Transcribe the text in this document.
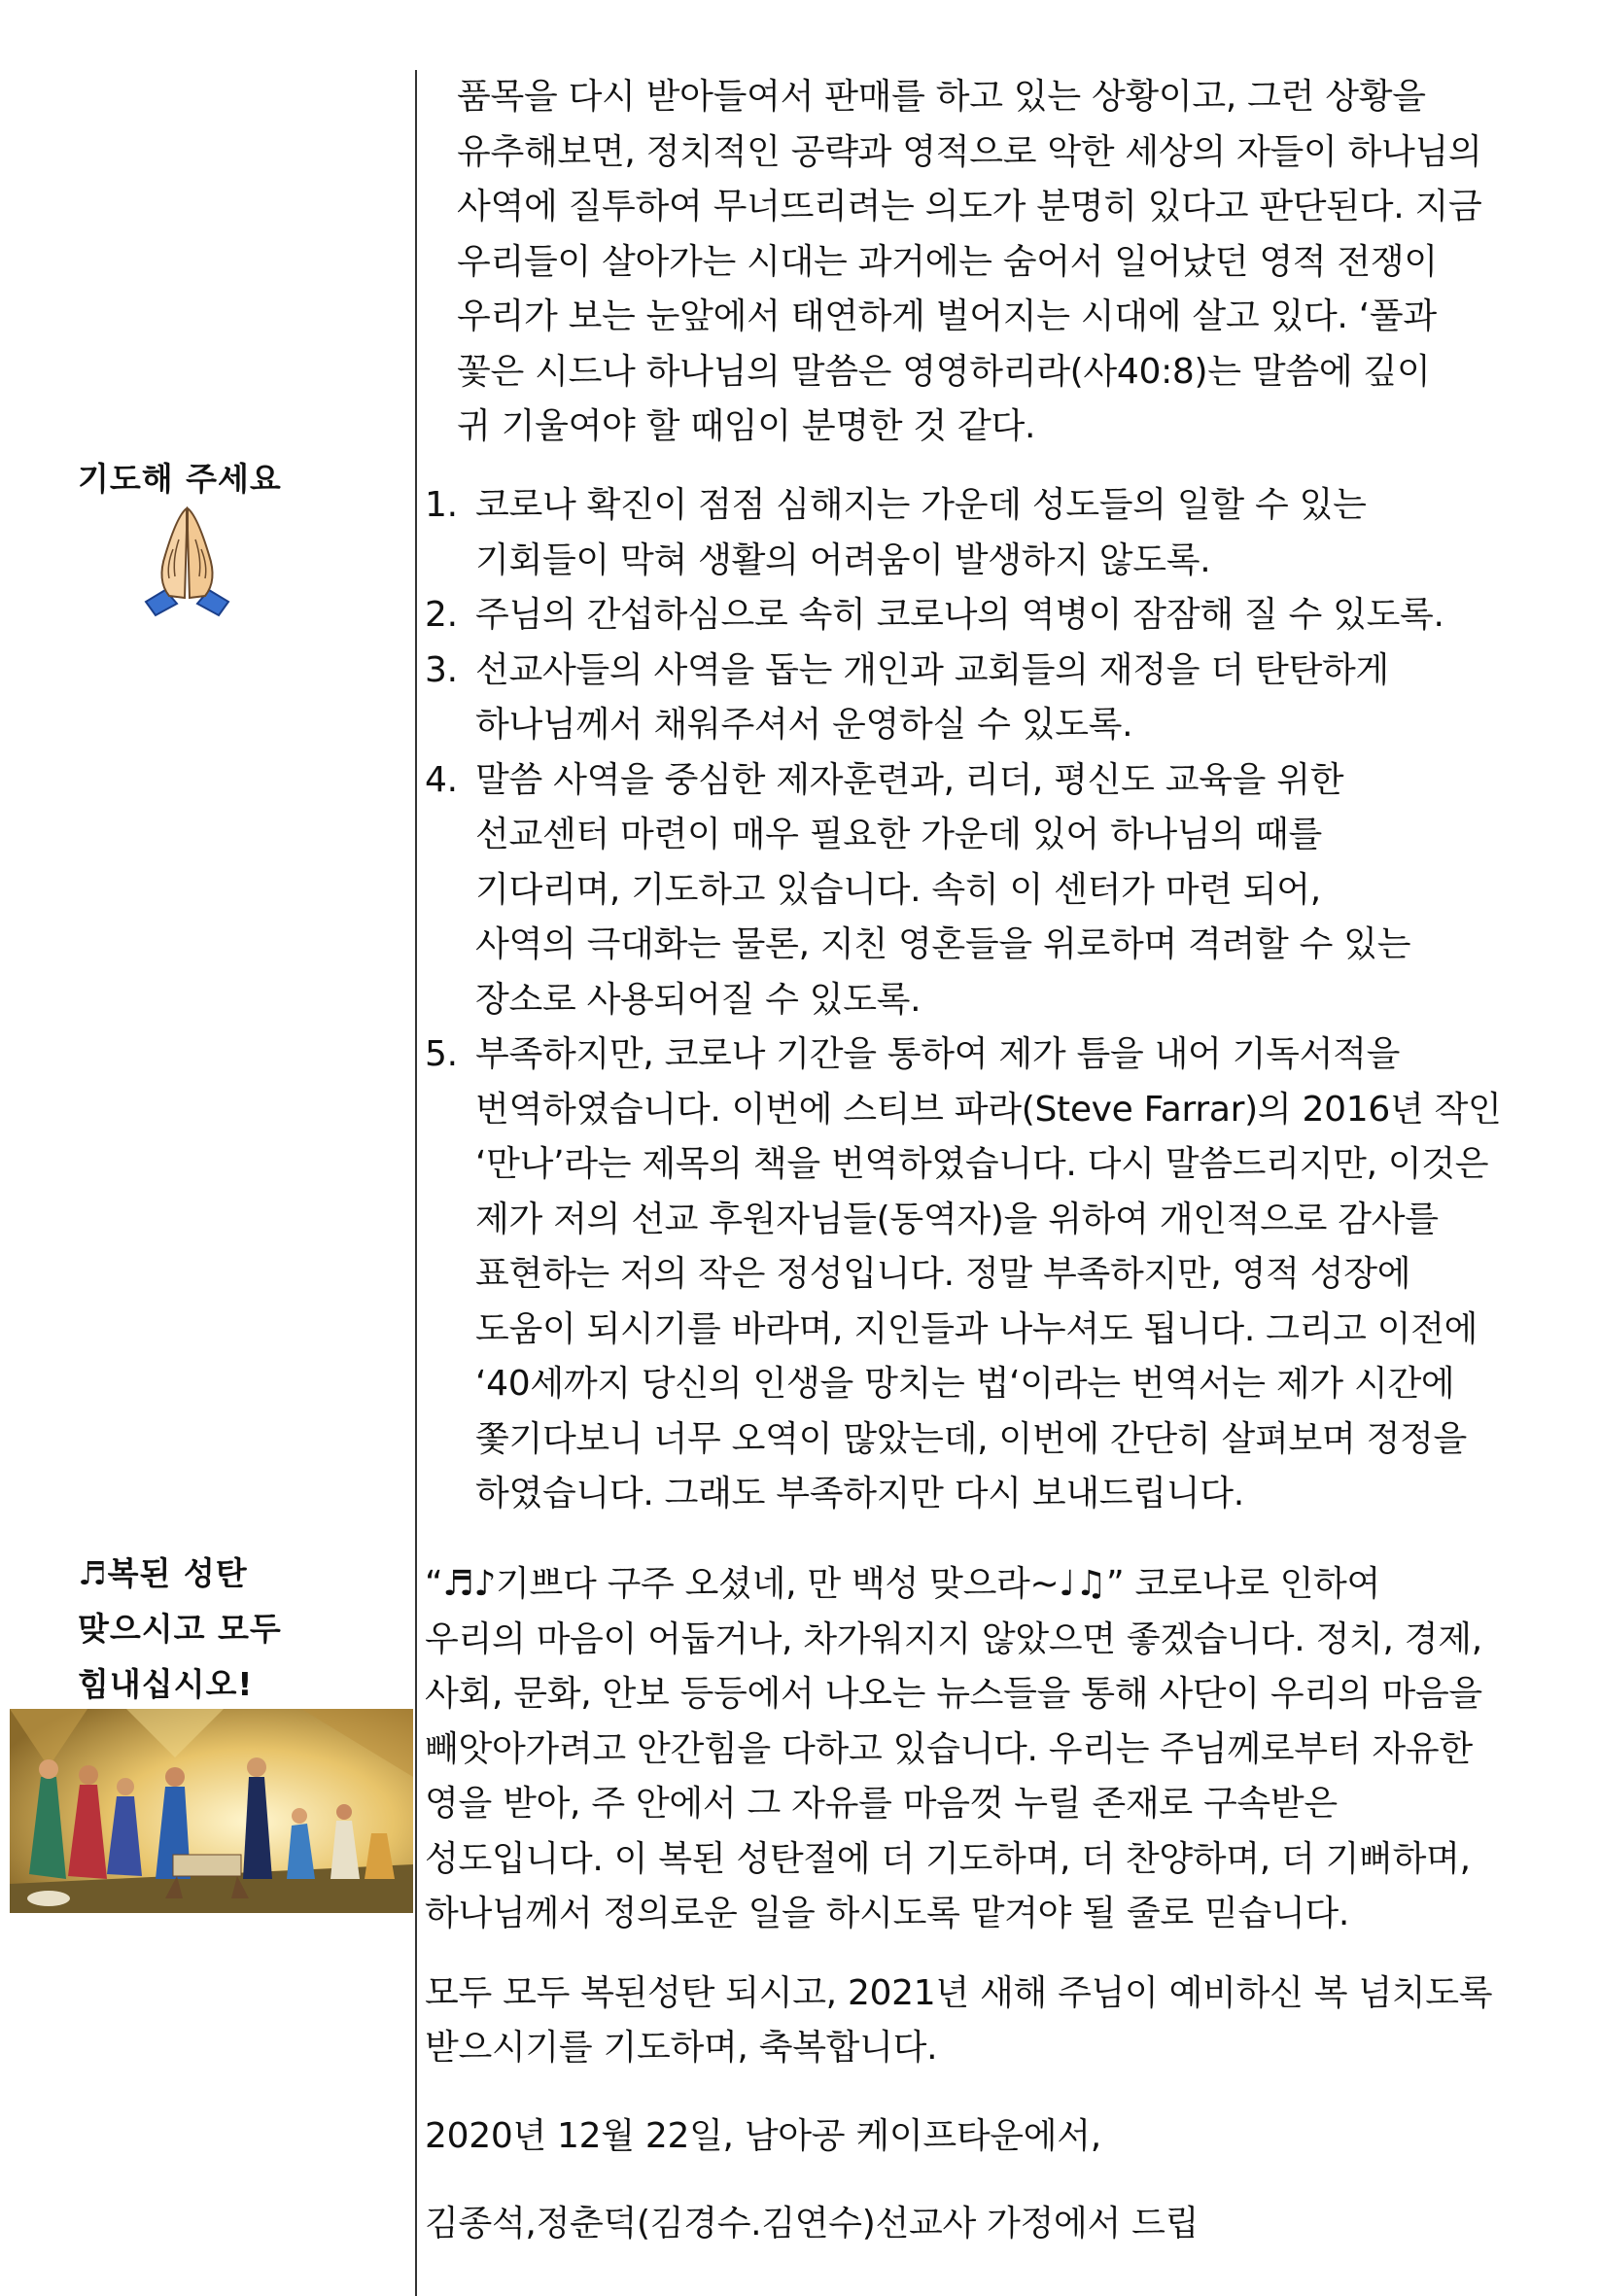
기도해 주세요
♬복된 성탄
맞으시고 모두
힘내십시오!
품목을 다시 받아들여서 판매를 하고 있는 상황이고, 그런 상황을
유추해보면, 정치적인 공략과 영적으로 악한 세상의 자들이 하나님의
사역에 질투하여 무너뜨리려는 의도가 분명히 있다고 판단된다. 지금
우리들이 살아가는 시대는 과거에는 숨어서 일어났던 영적 전쟁이
우리가 보는 눈앞에서 태연하게 벌어지는 시대에 살고 있다. ‘풀과
꽃은 시드나 하나님의 말씀은 영영하리라(사40:8)는 말씀에 깊이
귀 기울여야 할 때임이 분명한 것 같다.
1. 코로나 확진이 점점 심해지는 가운데 성도들의 일할 수 있는
기회들이 막혀 생활의 어려움이 발생하지 않도록.
2. 주님의 간섭하심으로 속히 코로나의 역병이 잠잠해 질 수 있도록.
3. 선교사들의 사역을 돕는 개인과 교회들의 재정을 더 탄탄하게
하나님께서 채워주셔서 운영하실 수 있도록.
4. 말씀 사역을 중심한 제자훈련과, 리더, 평신도 교육을 위한
선교센터 마련이 매우 필요한 가운데 있어 하나님의 때를
기다리며, 기도하고 있습니다. 속히 이 센터가 마련 되어,
사역의 극대화는 물론, 지친 영혼들을 위로하며 격려할 수 있는
장소로 사용되어질 수 있도록.
5. 부족하지만, 코로나 기간을 통하여 제가 틈을 내어 기독서적을
번역하였습니다. 이번에 스티브 파라(Steve Farrar)의 2016년 작인
‘만나’라는 제목의 책을 번역하였습니다. 다시 말씀드리지만, 이것은
제가 저의 선교 후원자님들(동역자)을 위하여 개인적으로 감사를
표현하는 저의 작은 정성입니다. 정말 부족하지만, 영적 성장에
도움이 되시기를 바라며, 지인들과 나누셔도 됩니다. 그리고 이전에
‘40세까지 당신의 인생을 망치는 법‘이라는 번역서는 제가 시간에
쫓기다보니 너무 오역이 많았는데, 이번에 간단히 살펴보며 정정을
하였습니다. 그래도 부족하지만 다시 보내드립니다.
“♬♪기쁘다 구주 오셨네, 만 백성 맞으라~♩♫” 코로나로 인하여
우리의 마음이 어둡거나, 차가워지지 않았으면 좋겠습니다. 정치, 경제,
사회, 문화, 안보 등등에서 나오는 뉴스들을 통해 사단이 우리의 마음을
빼앗아가려고 안간힘을 다하고 있습니다. 우리는 주님께로부터 자유한
영을 받아, 주 안에서 그 자유를 마음껏 누릴 존재로 구속받은
성도입니다. 이 복된 성탄절에 더 기도하며, 더 찬양하며, 더 기뻐하며,
하나님께서 정의로운 일을 하시도록 맡겨야 될 줄로 믿습니다.
모두 모두 복된성탄 되시고, 2021년 새해 주님이 예비하신 복 넘치도록
받으시기를 기도하며, 축복합니다.
2020년 12월 22일, 남아공 케이프타운에서,
김종석,정춘덕(김경수.김연수)선교사 가정에서 드립
